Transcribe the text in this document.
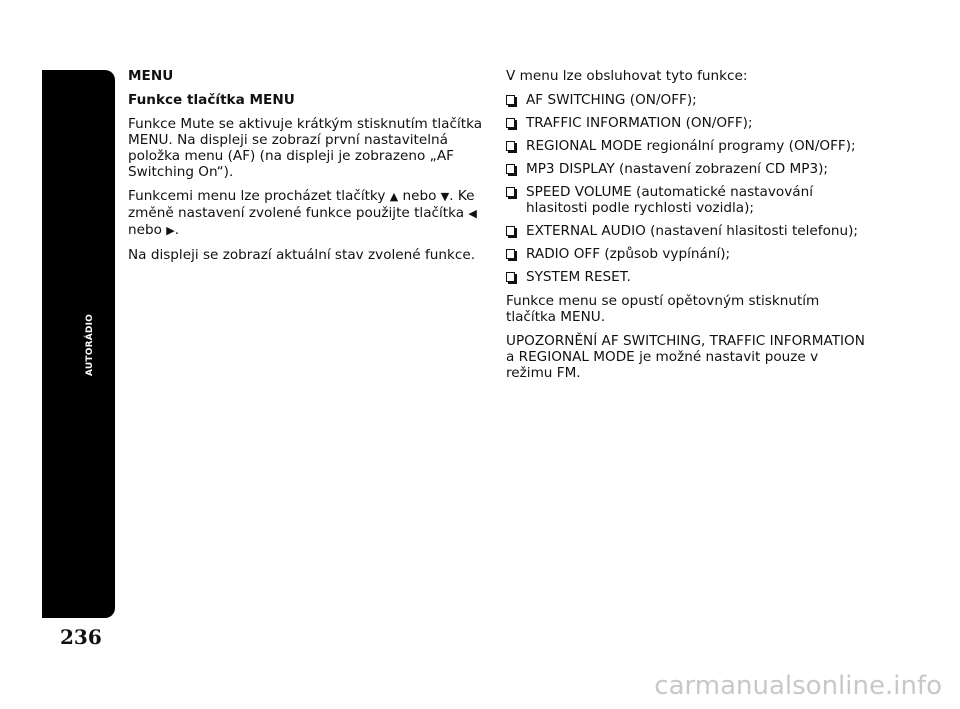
AUTORÁDIO
236

MENU

Funkce tlačítka MENU

Funkce Mute se aktivuje krátkým stisknutím tlačítka MENU. Na displeji se zobrazí první nastavitelná položka menu (AF) (na displeji je zobrazeno „AF Switching On“).

Funkcemi menu lze procházet tlačítky ▲ nebo ▼. Ke změně nastavení zvolené funkce použijte tlačítka ◀ nebo ▶.

Na displeji se zobrazí aktuální stav zvolené funkce.

V menu lze obsluhovat tyto funkce:

AF SWITCHING (ON/OFF);
TRAFFIC INFORMATION (ON/OFF);
REGIONAL MODE regionální programy (ON/OFF);
MP3 DISPLAY (nastavení zobrazení CD MP3);
SPEED VOLUME (automatické nastavování hlasitosti podle rychlosti vozidla);
EXTERNAL AUDIO (nastavení hlasitosti telefonu);
RADIO OFF (způsob vypínání);
SYSTEM RESET.

Funkce menu se opustí opětovným stisknutím tlačítka MENU.

UPOZORNĚNÍ AF SWITCHING, TRAFFIC INFORMATION a REGIONAL MODE je možné nastavit pouze v režimu FM.

carmanualsonline.info
